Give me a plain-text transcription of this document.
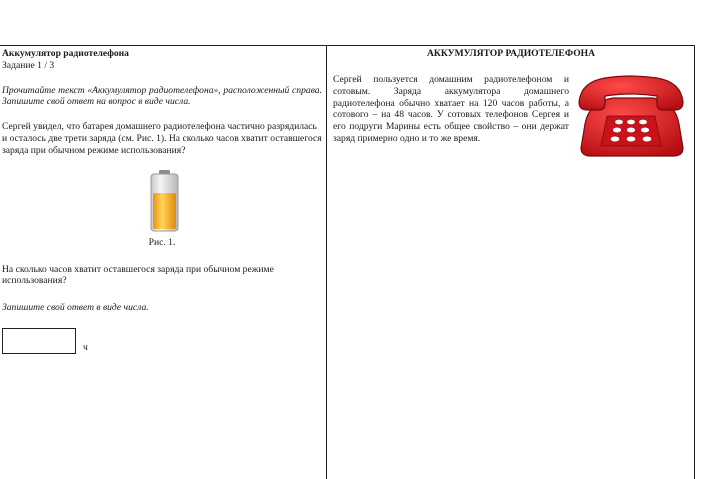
Аккумулятор радиотелефона
Задание 1 / 3
Прочитайте текст «Аккумулятор радиотелефона», расположенный справа. Запишите свой ответ на вопрос в виде числа.
Сергей увидел, что батарея домашнего радиотелефона частично разрядилась и осталось две трети заряда (см. Рис. 1). На сколько часов хватит оставшегося заряда при обычном режиме использования?
Рис. 1.
На сколько часов хватит оставшегося заряда при обычном режиме использования?
Запишите свой ответ в виде числа.
ч
АККУМУЛЯТОР РАДИОТЕЛЕФОНА
Сергей пользуется домашним радиотелефоном и сотовым. Заряда аккумулятора домашнего радиотелефона обычно хватает на 120 часов работы, а сотового – на 48 часов. У сотовых телефонов Сергея и его подруги Марины есть общее свойство – они держат заряд примерно одно и то же время.
